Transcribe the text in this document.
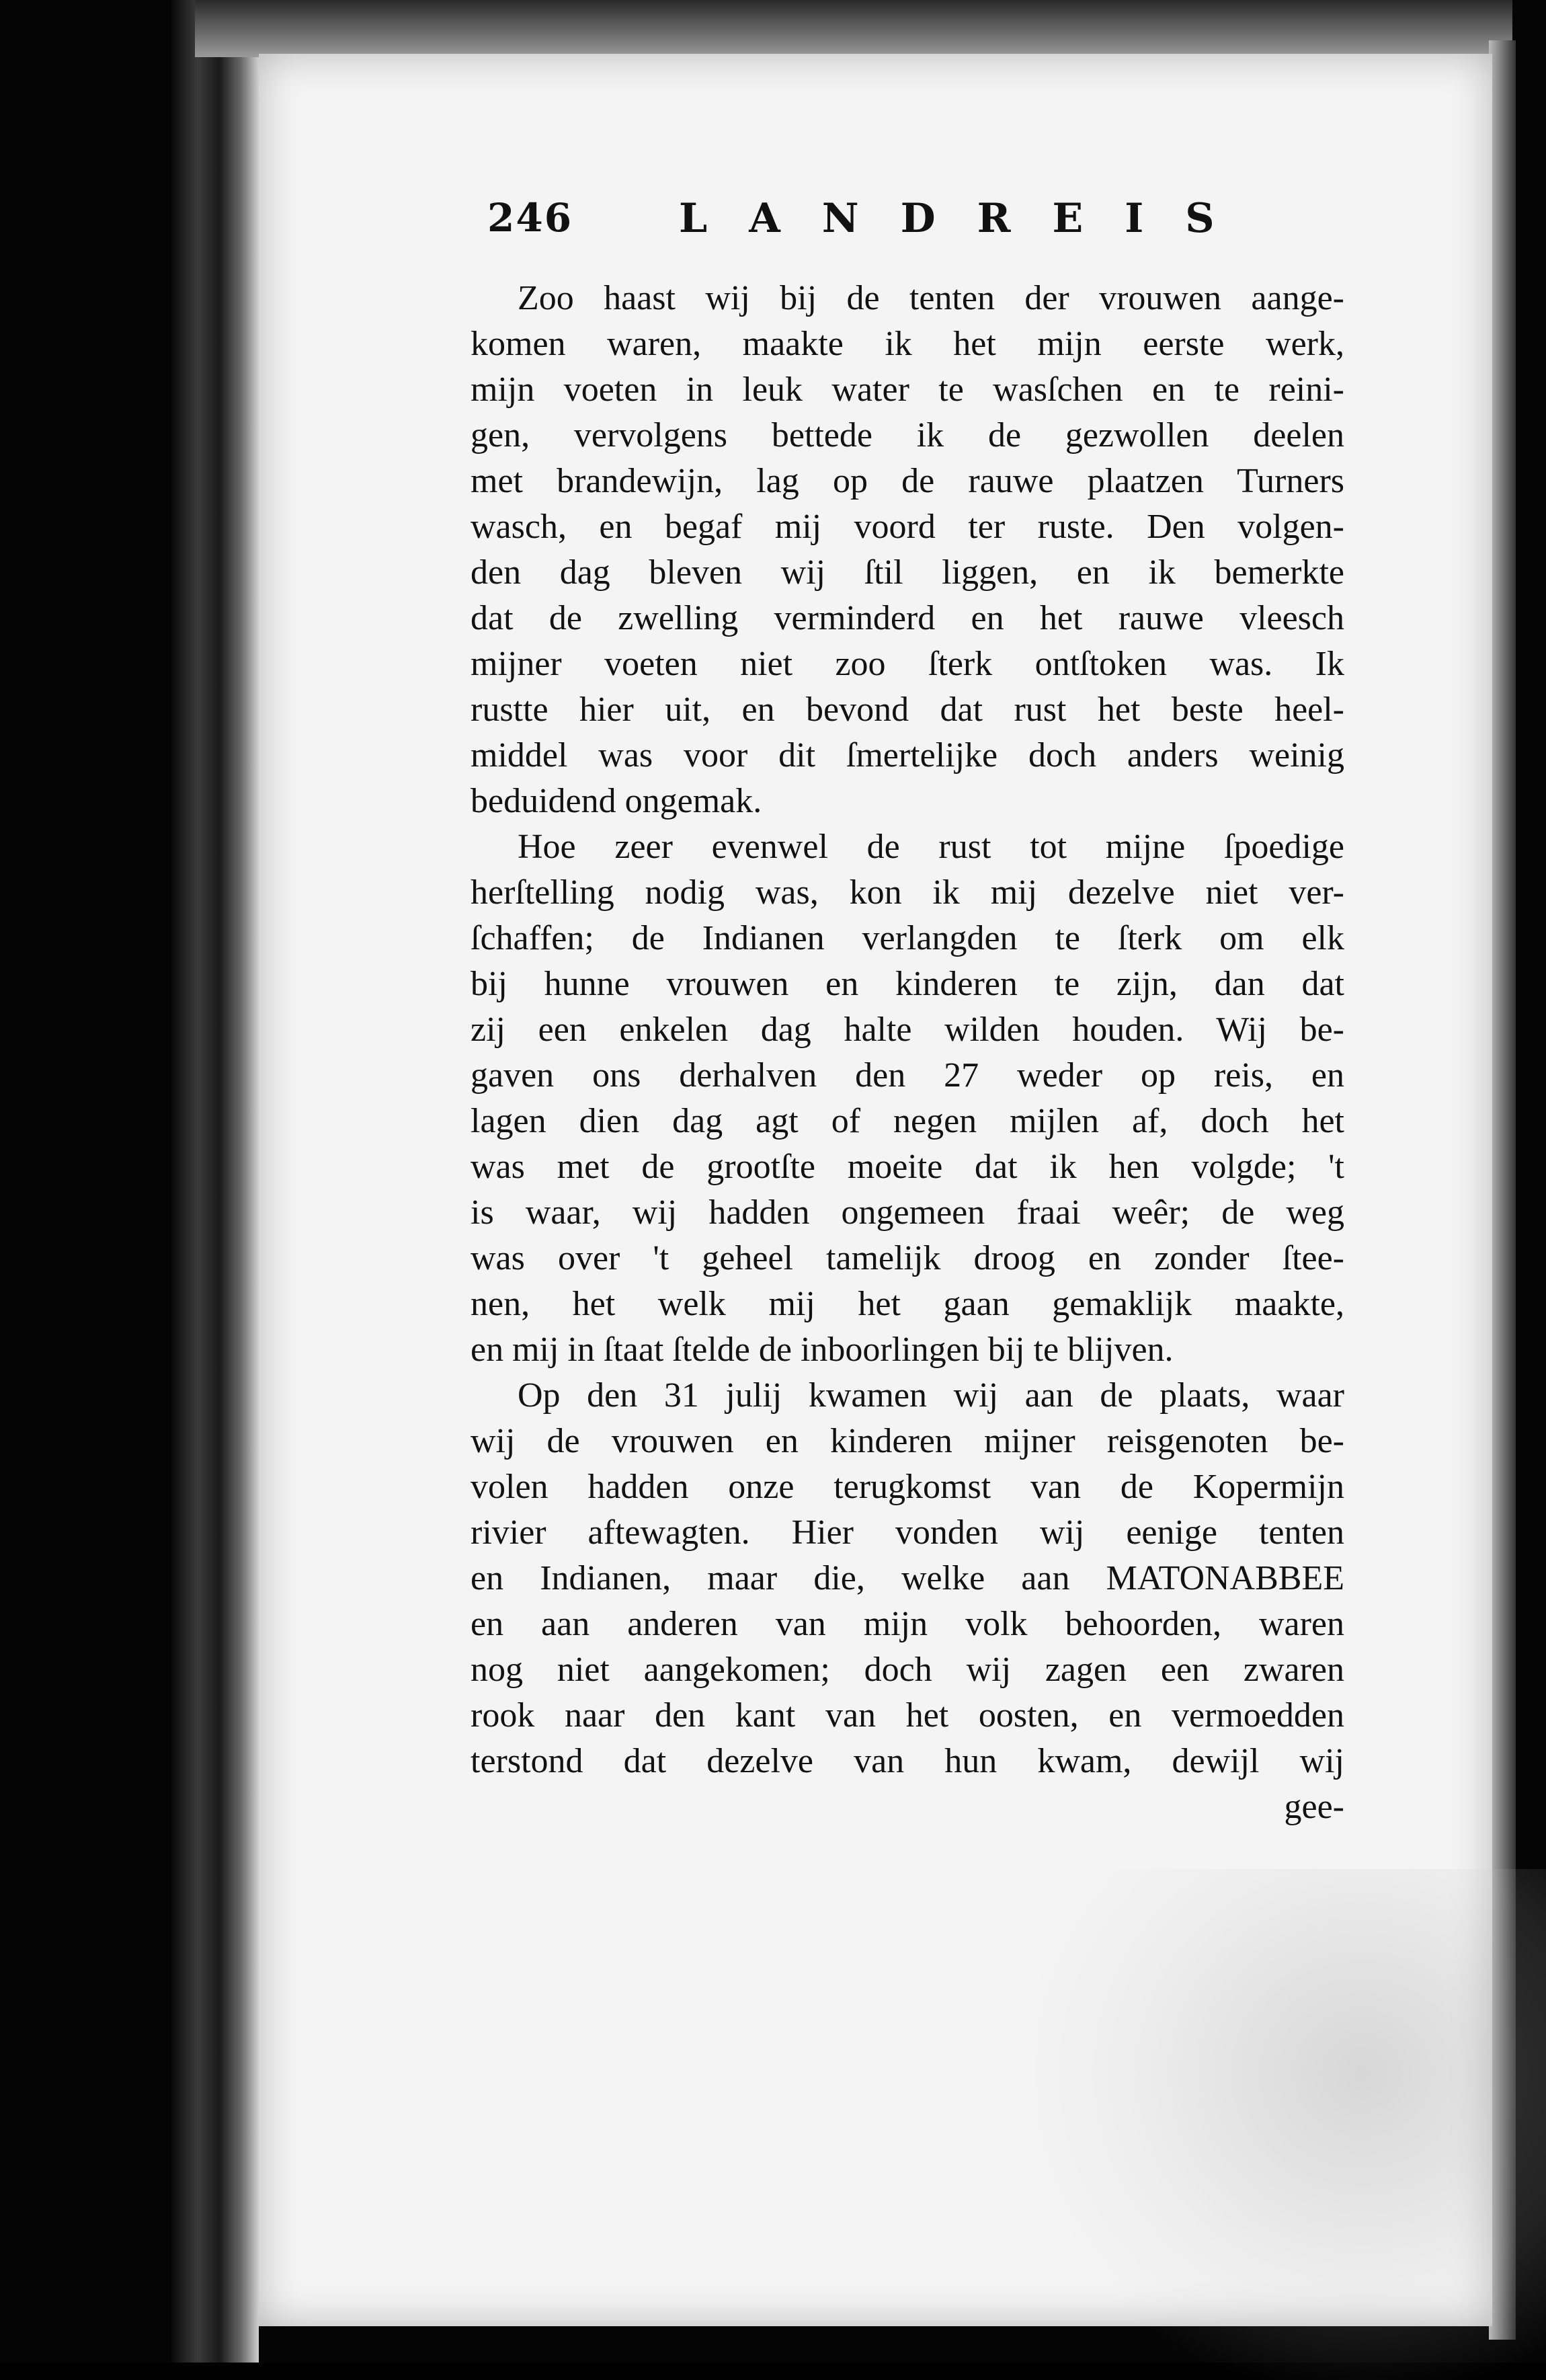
246	LANDREIS
Zoo haast wij bij de tenten der vrouwen aange-
komen waren, maakte ik het mijn eerste werk,
mijn voeten in leuk water te wasſchen en te reini-
gen, vervolgens bettede ik de gezwollen deelen
met brandewijn, lag op de rauwe plaatzen Turners
wasch, en begaf mij voord ter ruste. Den volgen-
den dag bleven wij ſtil liggen, en ik bemerkte
dat de zwelling verminderd en het rauwe vleesch
mijner voeten niet zoo ſterk ontſtoken was. Ik
rustte hier uit, en bevond dat rust het beste heel-
middel was voor dit ſmertelijke doch anders weinig
beduidend ongemak.
Hoe zeer evenwel de rust tot mijne ſpoedige
herſtelling nodig was, kon ik mij dezelve niet ver-
ſchaffen; de Indianen verlangden te ſterk om elk
bij hunne vrouwen en kinderen te zijn, dan dat
zij een enkelen dag halte wilden houden. Wij be-
gaven ons derhalven den 27 weder op reis, en
lagen dien dag agt of negen mijlen af, doch het
was met de grootſte moeite dat ik hen volgde; 't
is waar, wij hadden ongemeen fraai weêr; de weg
was over 't geheel tamelijk droog en zonder ſtee-
nen, het welk mij het gaan gemaklijk maakte,
en mij in ſtaat ſtelde de inboorlingen bij te blijven.
Op den 31 julij kwamen wij aan de plaats, waar
wij de vrouwen en kinderen mijner reisgenoten be-
volen hadden onze terugkomst van de Kopermijn
rivier aftewagten. Hier vonden wij eenige tenten
en Indianen, maar die, welke aan MATONABBEE
en aan anderen van mijn volk behoorden, waren
nog niet aangekomen; doch wij zagen een zwaren
rook naar den kant van het oosten, en vermoedden
terstond dat dezelve van hun kwam, dewijl wij
gee-
